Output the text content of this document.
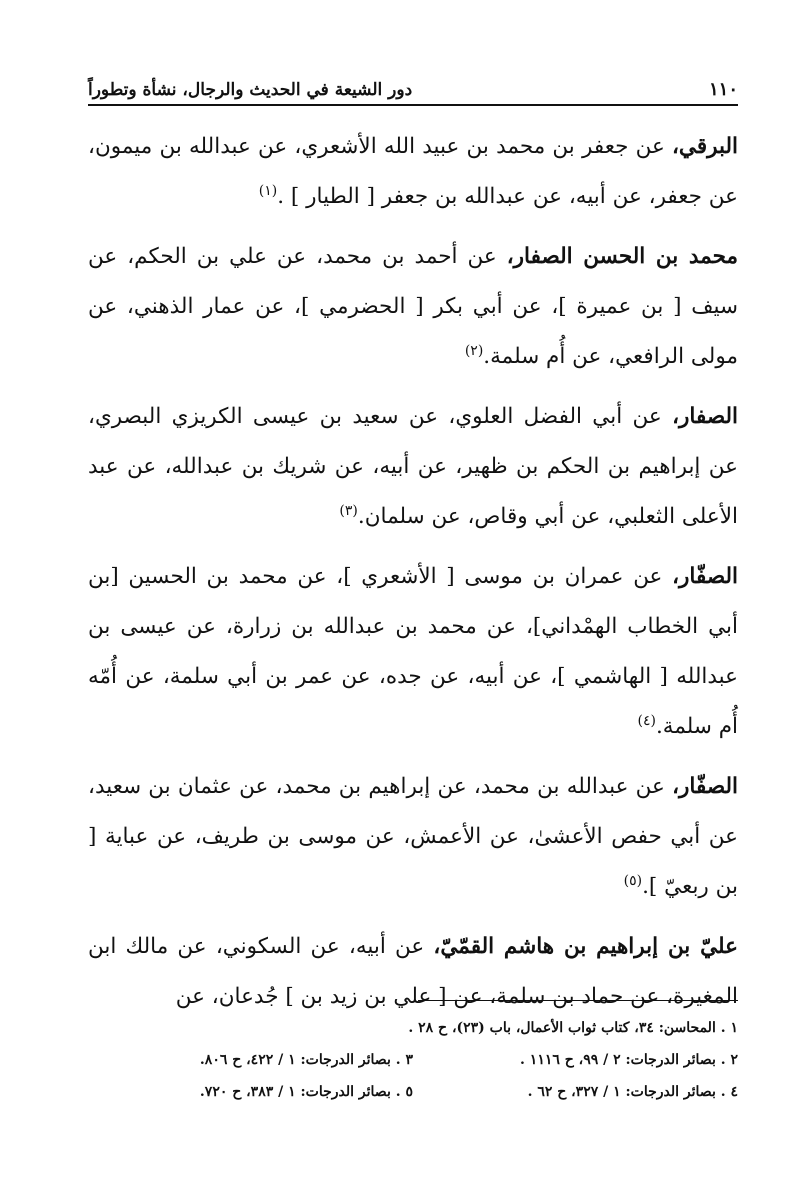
١١٠
دور الشيعة في الحديث والرجال، نشأة وتطوراً

البرقي، عن جعفر بن محمد بن عبيد الله الأشعري، عن عبدالله بن ميمون، عن جعفر، عن أبيه، عن عبدالله بن جعفر [ الطيار ] .$^{(١)}$

محمد بن الحسن الصفار، عن أحمد بن محمد، عن علي بن الحكم، عن سيف [ بن عميرة ]، عن أبي بكر [ الحضرمي ]، عن عمار الذهني، عن مولى الرافعي، عن أُم سلمة.$^{(٢)}$

الصفار، عن أبي الفضل العلوي، عن سعيد بن عيسى الكريزي البصري، عن إبراهيم بن الحكم بن ظهير، عن أبيه، عن شريك بن عبدالله، عن عبد الأعلى الثعلبي، عن أبي وقاص، عن سلمان.$^{(٣)}$

الصفّار، عن عمران بن موسى [ الأشعري ]، عن محمد بن الحسين [بن أبي الخطاب الهمْداني]، عن محمد بن عبدالله بن زرارة، عن عيسى بن عبدالله [ الهاشمي ]، عن أبيه، عن جده، عن عمر بن أبي سلمة، عن أُمّه أُم سلمة.$^{(٤)}$

الصفّار، عن عبدالله بن محمد، عن إبراهيم بن محمد، عن عثمان بن سعيد، عن أبي حفص الأعشىٰ، عن الأعمش، عن موسى بن طريف، عن عباية [ بن ربعيّ ].$^{(٥)}$

عليّ بن إبراهيم بن هاشم القمّيّ، عن أبيه، عن السكوني، عن مالك ابن المغيرة، عن حماد بن سلمة، عن [ علي بن زيد بن ] جُدعان، عن

١ . المحاسن: ٣٤، كتاب ثواب الأعمال، باب (٢٣)، ح ٢٨ .
٢ . بصائر الدرجات: ٢ / ٩٩، ح ١١١٦ .
٣ . بصائر الدرجات: ١ / ٤٢٢، ح ٨٠٦.
٤ . بصائر الدرجات: ١ / ٣٢٧، ح ٦٢ .
٥ . بصائر الدرجات: ١ / ٣٨٣، ح ٧٢٠.
